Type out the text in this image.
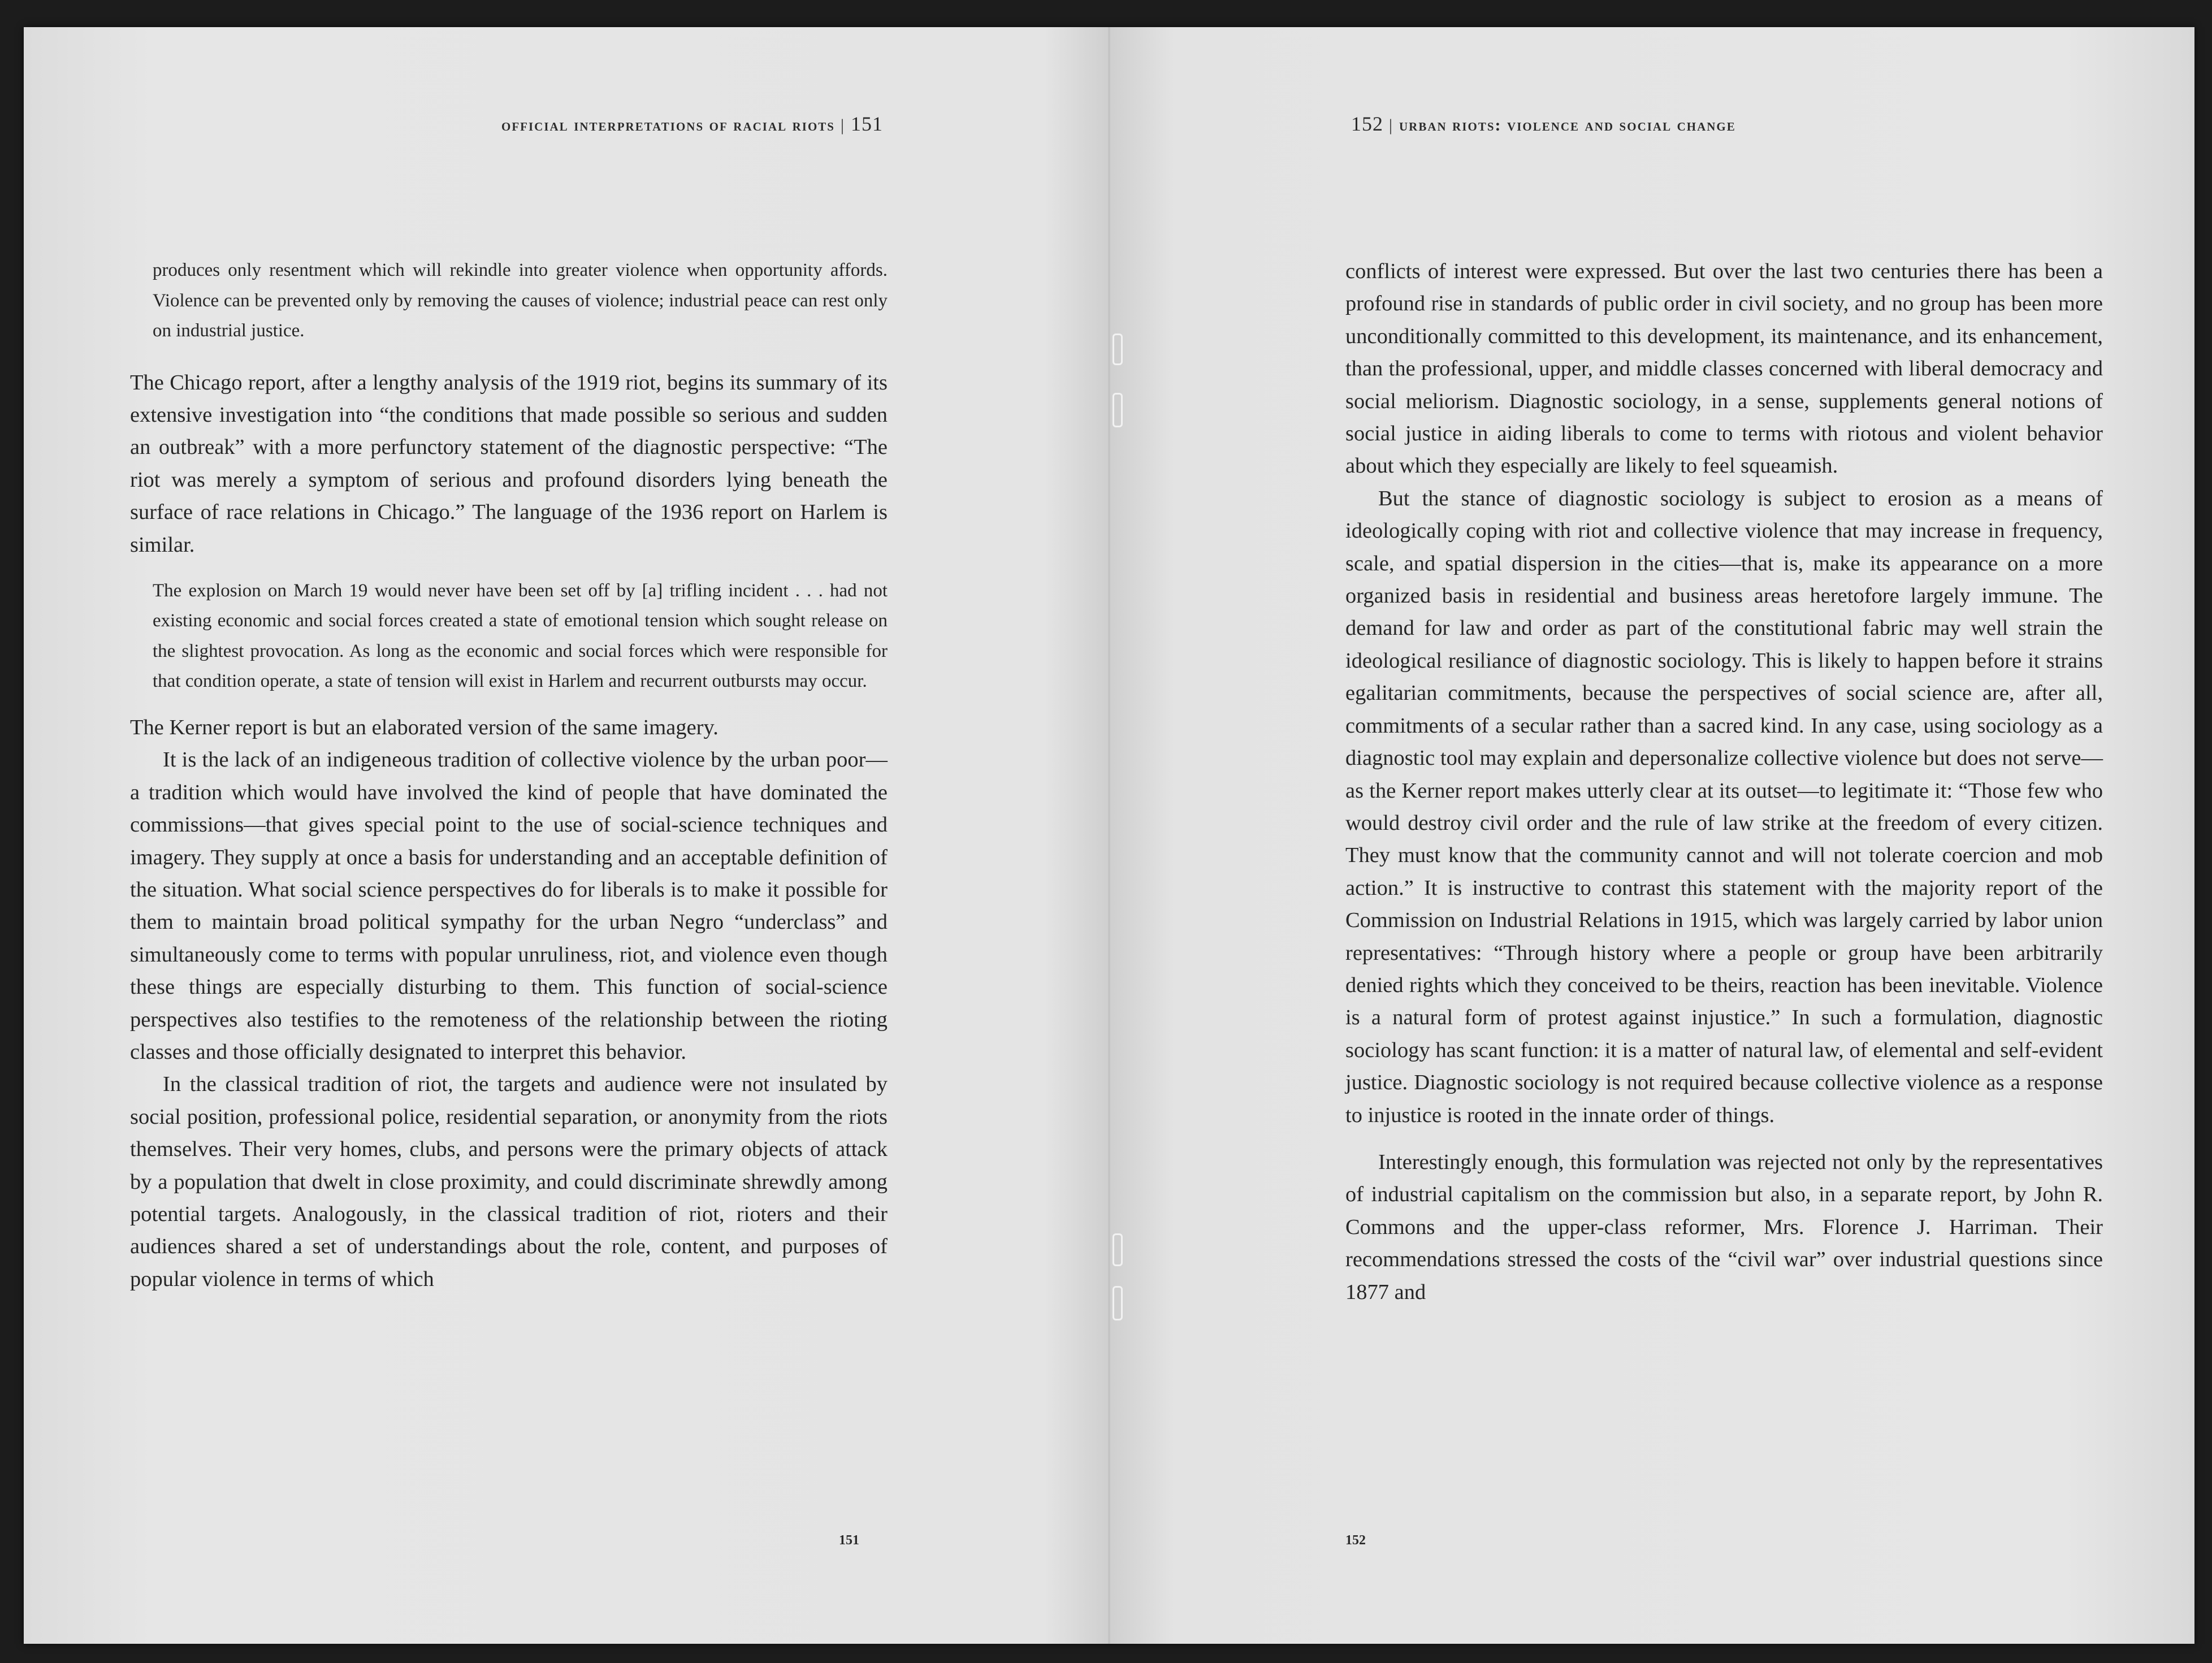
official interpretations of racial riots | 151

produces only resentment which will rekindle into greater violence when opportunity affords. Violence can be prevented only by removing the causes of violence; industrial peace can rest only on industrial justice.

The Chicago report, after a lengthy analysis of the 1919 riot, begins its summary of its extensive investigation into “the conditions that made possible so serious and sudden an outbreak” with a more perfunctory statement of the diagnostic perspective: “The riot was merely a symptom of serious and profound disorders lying beneath the surface of race relations in Chicago.” The language of the 1936 report on Harlem is similar.

The explosion on March 19 would never have been set off by [a] trifling incident . . . had not existing economic and social forces created a state of emotional tension which sought release on the slightest provocation. As long as the economic and social forces which were responsible for that condition operate, a state of tension will exist in Harlem and recurrent outbursts may occur.

The Kerner report is but an elaborated version of the same imagery.

It is the lack of an indigeneous tradition of collective violence by the urban poor—a tradition which would have involved the kind of people that have dominated the commissions—that gives special point to the use of social-science techniques and imagery. They supply at once a basis for understanding and an acceptable definition of the situation. What social science perspectives do for liberals is to make it possible for them to maintain broad political sympathy for the urban Negro “underclass” and simultaneously come to terms with popular unruliness, riot, and violence even though these things are especially disturbing to them. This function of social-science perspectives also testifies to the remoteness of the relationship between the rioting classes and those officially designated to interpret this behavior.

In the classical tradition of riot, the targets and audience were not insulated by social position, professional police, residential separation, or anonymity from the riots themselves. Their very homes, clubs, and persons were the primary objects of attack by a population that dwelt in close proximity, and could discriminate shrewdly among potential targets. Analogously, in the classical tradition of riot, rioters and their audiences shared a set of understandings about the role, content, and purposes of popular violence in terms of which

151
152 | urban riots: violence and social change

conflicts of interest were expressed. But over the last two centuries there has been a profound rise in standards of public order in civil society, and no group has been more unconditionally committed to this development, its maintenance, and its enhancement, than the professional, upper, and middle classes concerned with liberal democracy and social meliorism. Diagnostic sociology, in a sense, supplements general notions of social justice in aiding liberals to come to terms with riotous and violent behavior about which they especially are likely to feel squeamish.

But the stance of diagnostic sociology is subject to erosion as a means of ideologically coping with riot and collective violence that may increase in frequency, scale, and spatial dispersion in the cities—that is, make its appearance on a more organized basis in residential and business areas heretofore largely immune. The demand for law and order as part of the constitutional fabric may well strain the ideological resiliance of diagnostic sociology. This is likely to happen before it strains egalitarian commitments, because the perspectives of social science are, after all, commitments of a secular rather than a sacred kind. In any case, using sociology as a diagnostic tool may explain and depersonalize collective violence but does not serve—as the Kerner report makes utterly clear at its outset—to legitimate it: “Those few who would destroy civil order and the rule of law strike at the freedom of every citizen. They must know that the community cannot and will not tolerate coercion and mob action.” It is instructive to contrast this statement with the majority report of the Commission on Industrial Relations in 1915, which was largely carried by labor union representatives: “Through history where a people or group have been arbitrarily denied rights which they conceived to be theirs, reaction has been inevitable. Violence is a natural form of protest against injustice.” In such a formulation, diagnostic sociology has scant function: it is a matter of natural law, of elemental and self-evident justice. Diagnostic sociology is not required because collective violence as a response to injustice is rooted in the innate order of things.

Interestingly enough, this formulation was rejected not only by the representatives of industrial capitalism on the commission but also, in a separate report, by John R. Commons and the upper-class reformer, Mrs. Florence J. Harriman. Their recommendations stressed the costs of the “civil war” over industrial questions since 1877 and

152
